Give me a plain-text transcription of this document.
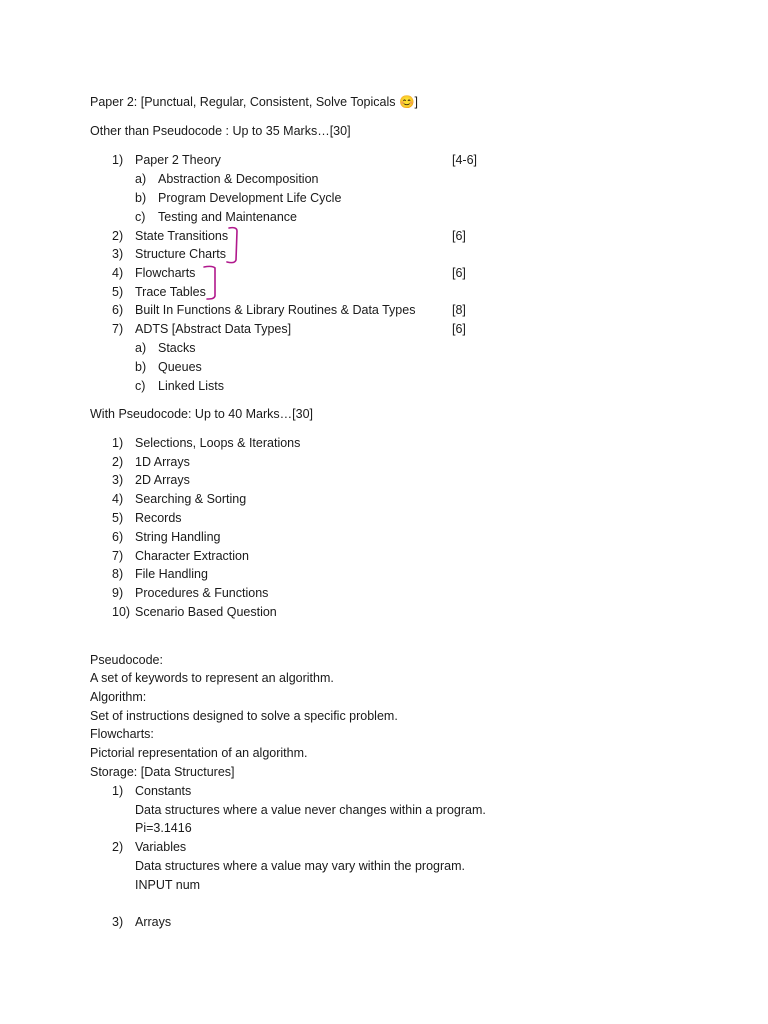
Paper 2: [Punctual, Regular, Consistent, Solve Topicals 😊]
Other than Pseudocode : Up to 35 Marks…[30]
1) Paper 2 Theory	[4-6]
a) Abstraction & Decomposition
b) Program Development Life Cycle
c) Testing and Maintenance
2) State Transitions	[6]
3) Structure Charts
4) Flowcharts	[6]
5) Trace Tables
6) Built In Functions & Library Routines & Data Types	[8]
7) ADTS [Abstract Data Types]	[6]
a) Stacks
b) Queues
c) Linked Lists
With Pseudocode: Up to 40 Marks…[30]
1) Selections, Loops & Iterations
2) 1D Arrays
3) 2D Arrays
4) Searching & Sorting
5) Records
6) String Handling
7) Character Extraction
8) File Handling
9) Procedures & Functions
10) Scenario Based Question
Pseudocode:
A set of keywords to represent an algorithm.
Algorithm:
Set of instructions designed to solve a specific problem.
Flowcharts:
Pictorial representation of an algorithm.
Storage: [Data Structures]
1) Constants
Data structures where a value never changes within a program.
Pi=3.1416
2) Variables
Data structures where a value may vary within the program.
INPUT num
3) Arrays
